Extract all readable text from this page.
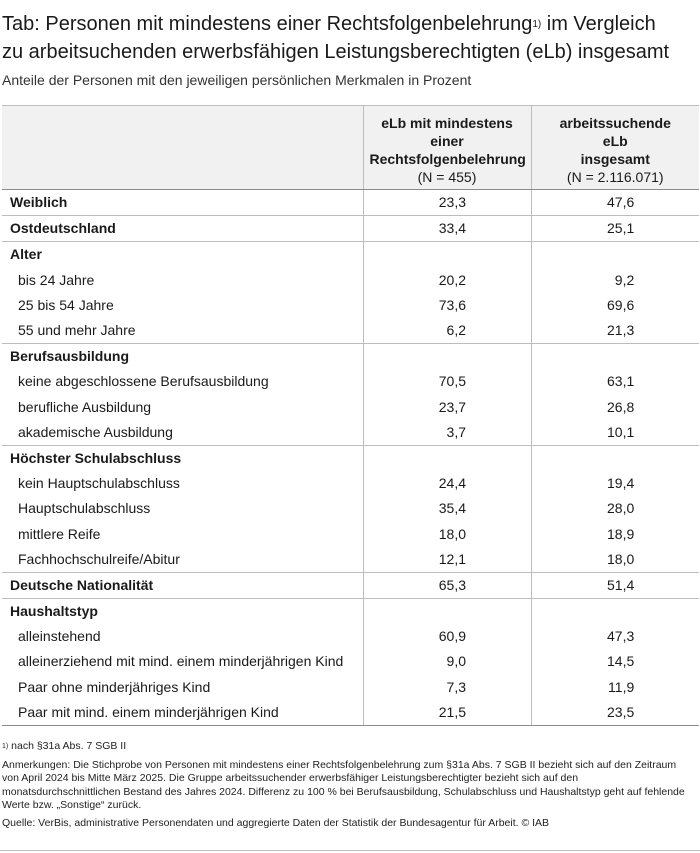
Tab: Personen mit mindestens einer Rechtsfolgenbelehrung$^{1)}$ im Vergleich
zu arbeitsuchenden erwerbsfähigen Leistungsberechtigten (eLb) insgesamt

Anteile der Personen mit den jeweiligen persönlichen Merkmalen in Prozent

	eLb mit mindestens
einer
Rechtsfolgenbelehrung
(N = 455)	arbeitssuchende
eLb
insgesamt
(N = 2.116.071)

Weiblich	23,3	47,6
Ostdeutschland	33,4	25,1
Alter		
bis 24 Jahre	20,2	9,2
25 bis 54 Jahre	73,6	69,6
55 und mehr Jahre	6,2	21,3
Berufsausbildung		
keine abgeschlossene Berufsausbildung	70,5	63,1
berufliche Ausbildung	23,7	26,8
akademische Ausbildung	3,7	10,1
Höchster Schulabschluss		
kein Hauptschulabschluss	24,4	19,4
Hauptschulabschluss	35,4	28,0
mittlere Reife	18,0	18,9
Fachhochschulreife/Abitur	12,1	18,0
Deutsche Nationalität	65,3	51,4
Haushaltstyp		
alleinstehend	60,9	47,3
alleinerziehend mit mind. einem minderjährigen Kind	9,0	14,5
Paar ohne minderjähriges Kind	7,3	11,9
Paar mit mind. einem minderjährigen Kind	21,5	23,5

$^{1)}$ nach §31a Abs. 7 SGB II

Anmerkungen: Die Stichprobe von Personen mit mindestens einer Rechtsfolgenbelehrung zum §31a Abs. 7 SGB II bezieht sich auf den Zeitraum von April 2024 bis Mitte März 2025. Die Gruppe arbeitssuchender erwerbsfähiger Leistungsberechtigter bezieht sich auf den monatsdurchschnittlichen Bestand des Jahres 2024. Differenz zu 100 % bei Berufsausbildung, Schulabschluss und Haushaltstyp geht auf fehlende Werte bzw. „Sonstige“ zurück.

Quelle: VerBis, administrative Personendaten und aggregierte Daten der Statistik der Bundesagentur für Arbeit. © IAB
